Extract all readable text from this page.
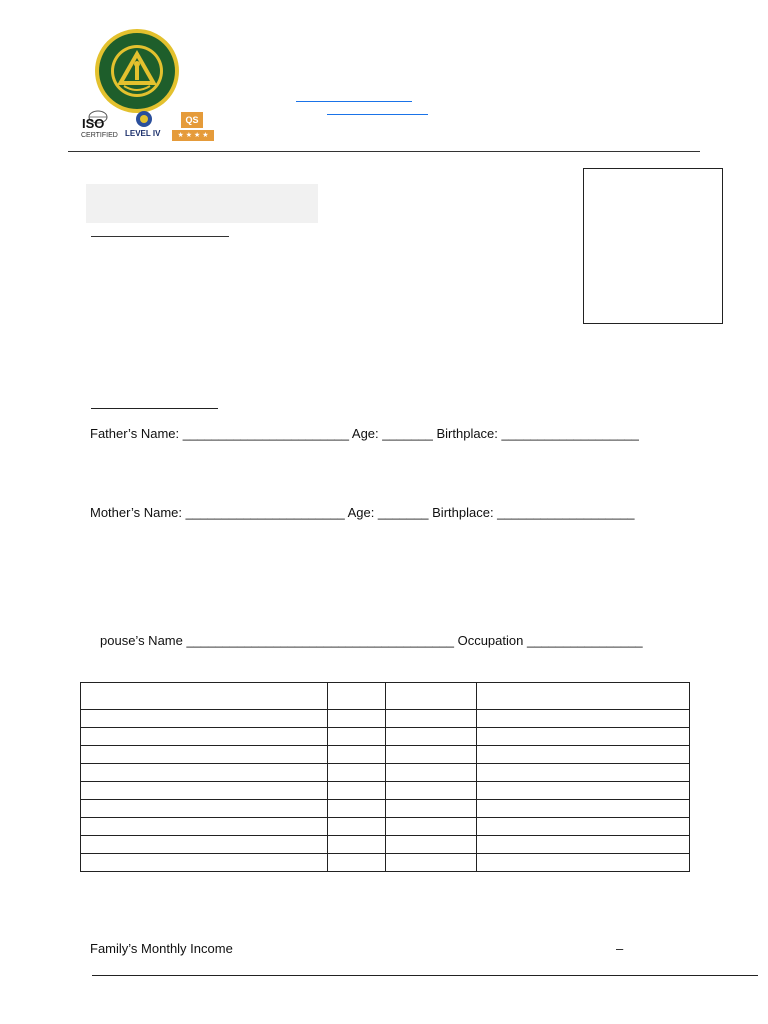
ISO
CERTIFIED LEVEL IV
QS
★ ★ ★ ★
Father’s Name: _______________________ Age: _______ Birthplace: ___________________
Mother’s Name: ______________________ Age: _______ Birthplace: ___________________
pouse’s Name _____________________________________ Occupation ________________

Family’s Monthly Income	–
